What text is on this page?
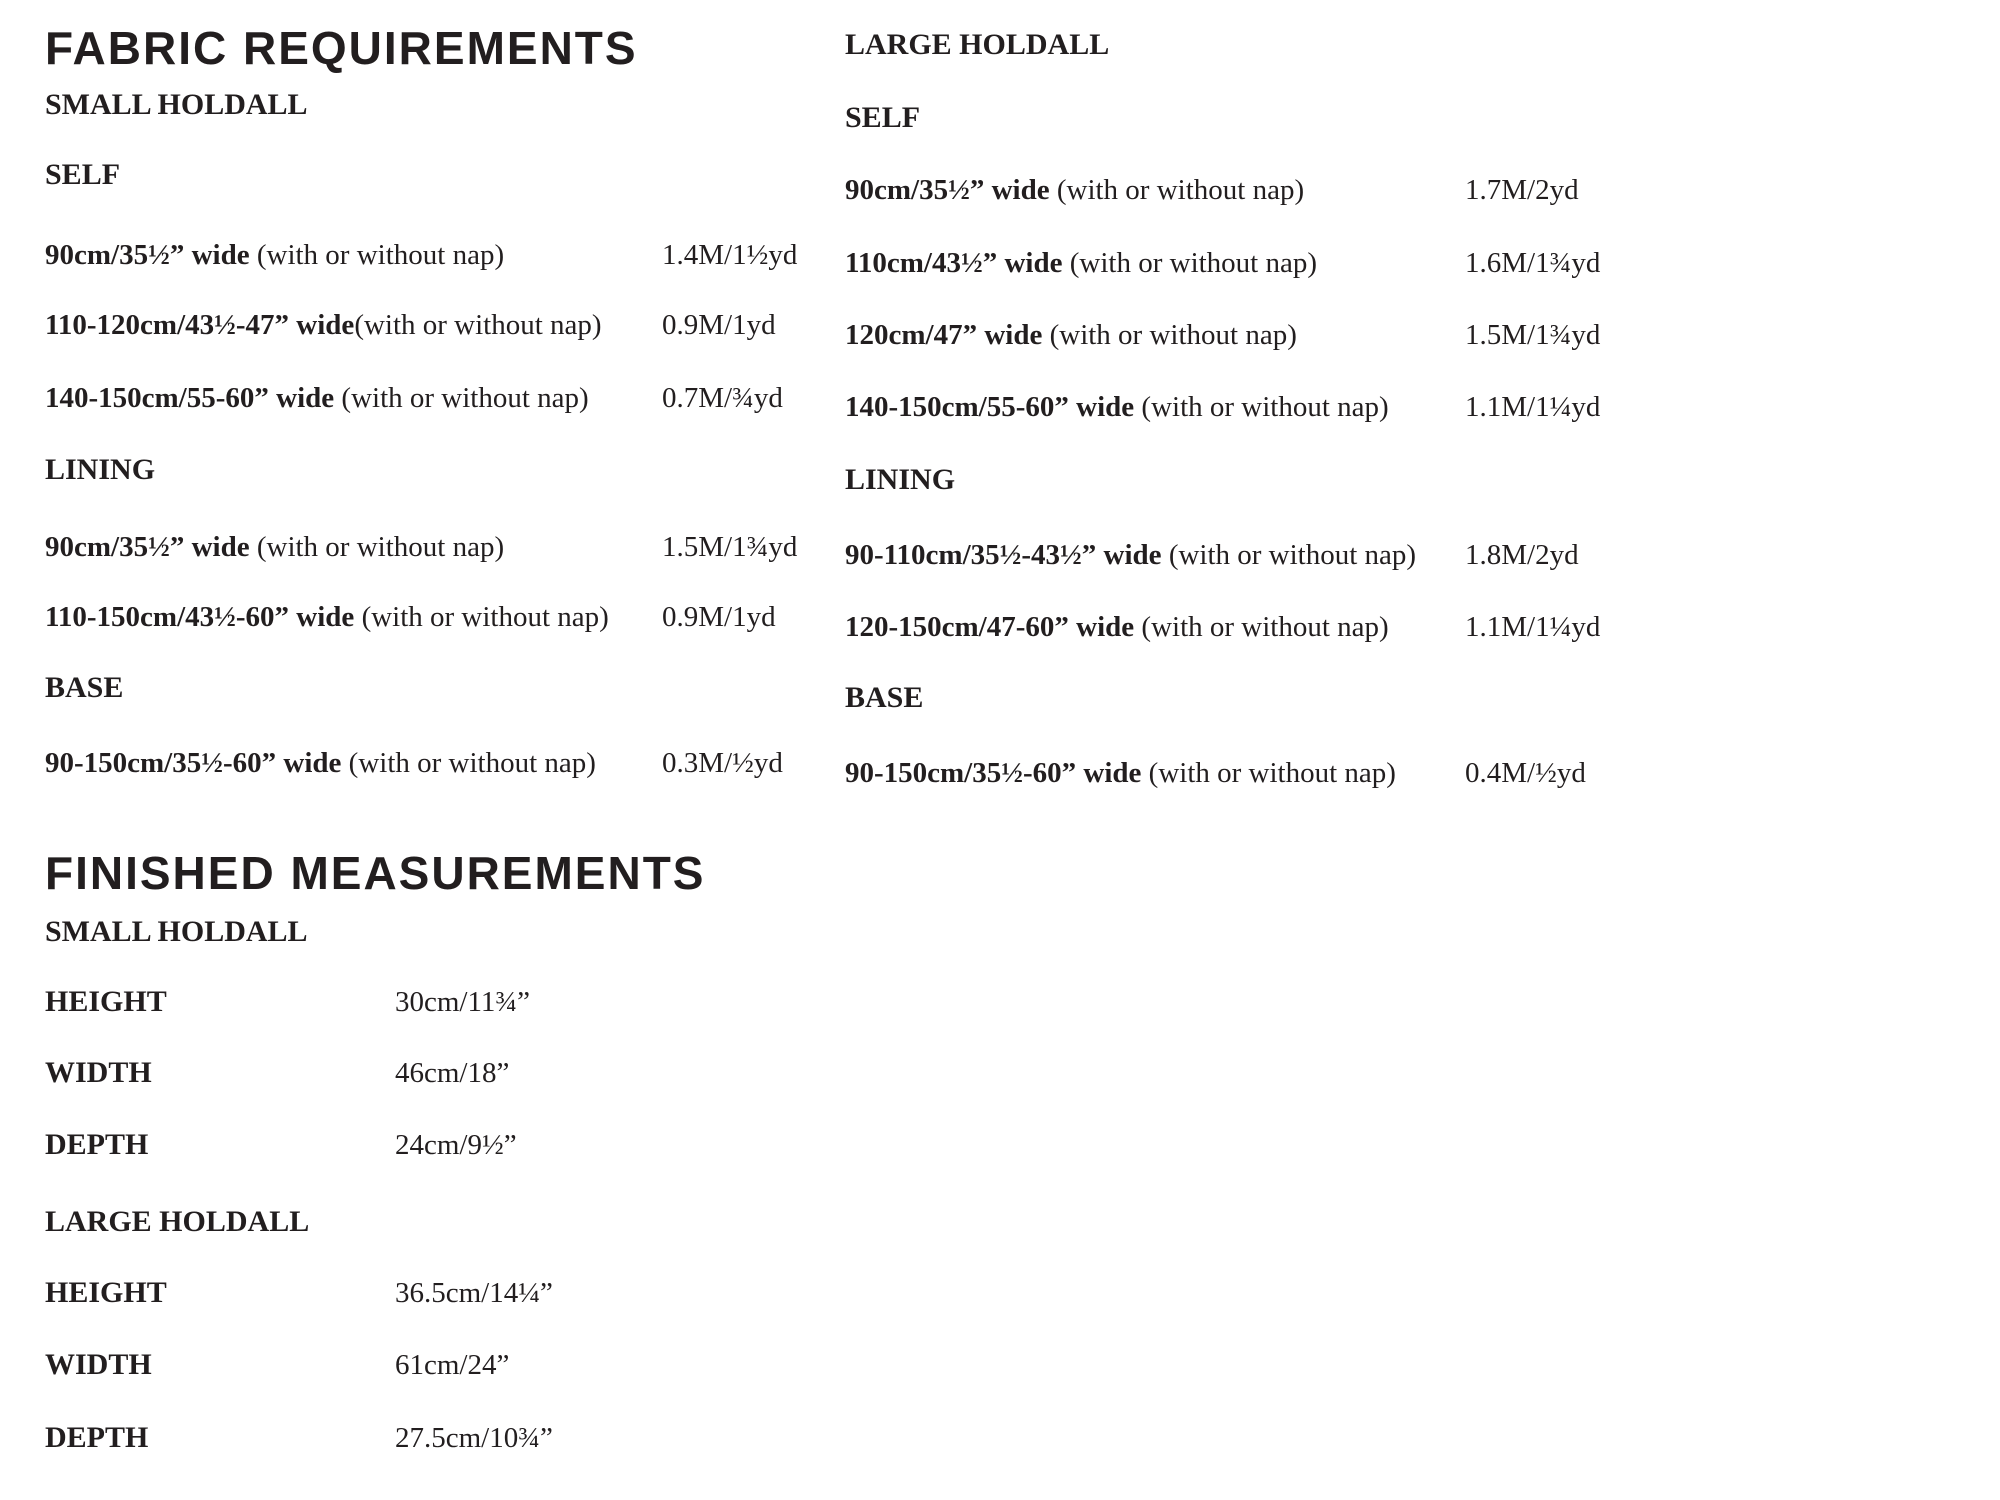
FABRIC REQUIREMENTS
SMALL HOLDALL
SELF
90cm/35½” wide (with or without nap)	1.4M/1½yd
110-120cm/43½-47” wide(with or without nap)	0.9M/1yd
140-150cm/55-60” wide (with or without nap)	0.7M/¾yd
LINING
90cm/35½” wide (with or without nap)	1.5M/1¾yd
110-150cm/43½-60” wide (with or without nap)	0.9M/1yd
BASE
90-150cm/35½-60” wide (with or without nap)	0.3M/½yd
LARGE HOLDALL
SELF
90cm/35½” wide (with or without nap)	1.7M/2yd
110cm/43½” wide (with or without nap)	1.6M/1¾yd
120cm/47” wide (with or without nap)	1.5M/1¾yd
140-150cm/55-60” wide (with or without nap)	1.1M/1¼yd
LINING
90-110cm/35½-43½” wide (with or without nap)	1.8M/2yd
120-150cm/47-60” wide (with or without nap)	1.1M/1¼yd
BASE
90-150cm/35½-60” wide (with or without nap)	0.4M/½yd
FINISHED MEASUREMENTS
SMALL HOLDALL
HEIGHT	30cm/11¾”
WIDTH	46cm/18”
DEPTH	24cm/9½”
LARGE HOLDALL
HEIGHT	36.5cm/14¼”
WIDTH	61cm/24”
DEPTH	27.5cm/10¾”
